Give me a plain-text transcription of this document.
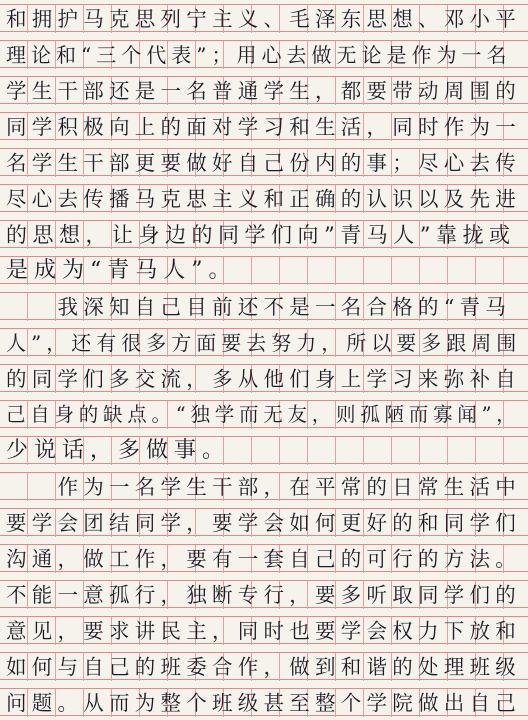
和拥护马克思列宁主义、毛泽东思想、邓小平
理论和“三个代表”；用心去做无论是作为一名
学生干部还是一名普通学生，都要带动周围的
同学积极向上的面对学习和生活，同时作为一
名学生干部更要做好自己份内的事；尽心去传
尽心去传播马克思主义和正确的认识以及先进
的思想，让身边的同学们向”青马人”靠拢或
是成为“青马人”。
　　我深知自己目前还不是一名合格的“青马
人”，还有很多方面要去努力，所以要多跟周围
的同学们多交流，多从他们身上学习来弥补自
己自身的缺点。“独学而无友，则孤陋而寡闻”，
少说话，多做事。
　　作为一名学生干部，在平常的日常生活中
要学会团结同学，要学会如何更好的和同学们
沟通，做工作，要有一套自己的可行的方法。
不能一意孤行，独断专行，要多听取同学们的
意见，要求讲民主，同时也要学会权力下放和
如何与自己的班委合作，做到和谐的处理班级
问题。从而为整个班级甚至整个学院做出自己
